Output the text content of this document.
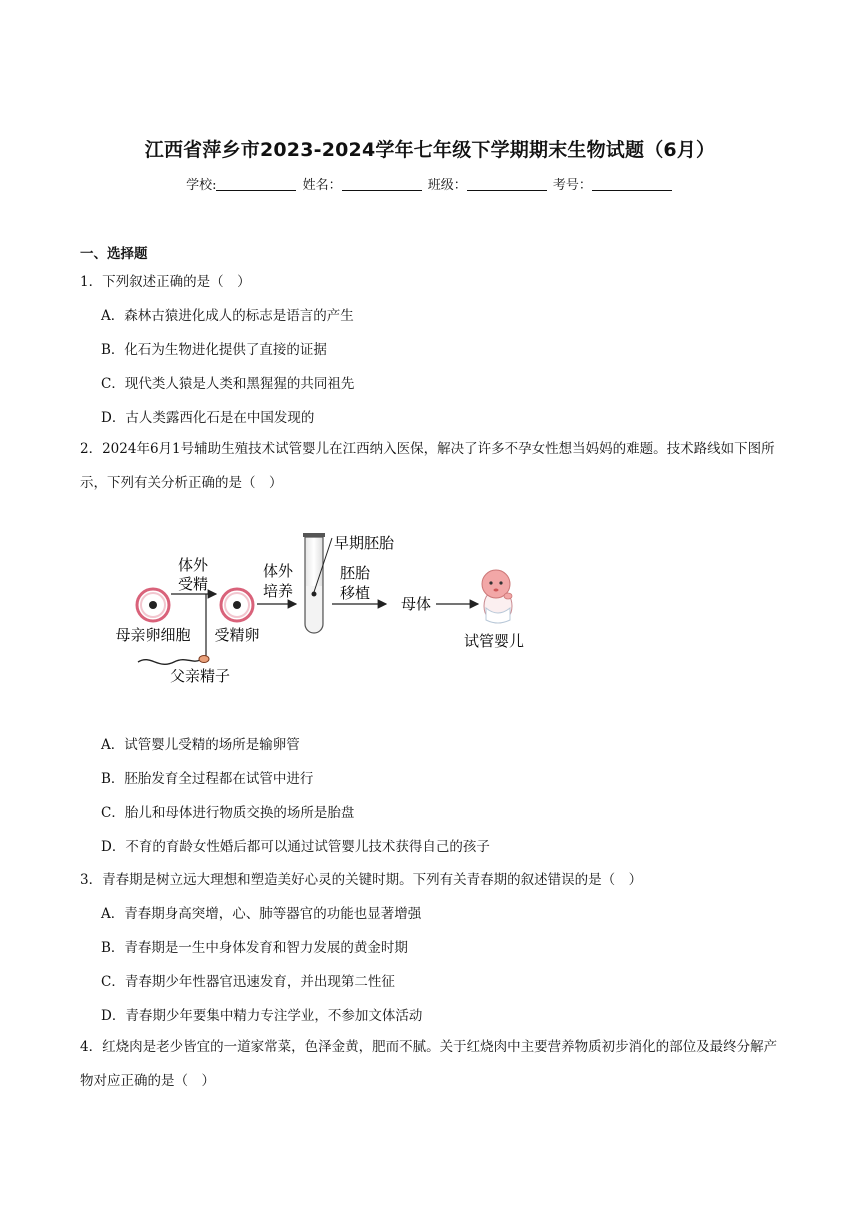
江西省萍乡市2023-2024学年七年级下学期期末生物试题（6月）
学校:	姓名：	班级：	考号：
一、选择题
1．下列叙述正确的是（　）
A．森林古猿进化成人的标志是语言的产生
B．化石为生物进化提供了直接的证据
C．现代类人猿是人类和黑猩猩的共同祖先
D．古人类露西化石是在中国发现的
2．2024年6月1号辅助生殖技术试管婴儿在江西纳入医保，解决了许多不孕女性想当妈妈的难题。技术路线如下图所示，下列有关分析正确的是（　）
母亲卵细胞
体外
受精
父亲精子
受精卵
体外
培养
早期胚胎
胚胎
移植
母体
试管婴儿
A．试管婴儿受精的场所是输卵管
B．胚胎发育全过程都在试管中进行
C．胎儿和母体进行物质交换的场所是胎盘
D．不育的育龄女性婚后都可以通过试管婴儿技术获得自己的孩子
3．青春期是树立远大理想和塑造美好心灵的关键时期。下列有关青春期的叙述错误的是（　）
A．青春期身高突增，心、肺等器官的功能也显著增强
B．青春期是一生中身体发育和智力发展的黄金时期
C．青春期少年性器官迅速发育，并出现第二性征
D．青春期少年要集中精力专注学业，不参加文体活动
4．红烧肉是老少皆宜的一道家常菜，色泽金黄，肥而不腻。关于红烧肉中主要营养物质初步消化的部位及最终分解产物对应正确的是（　）
